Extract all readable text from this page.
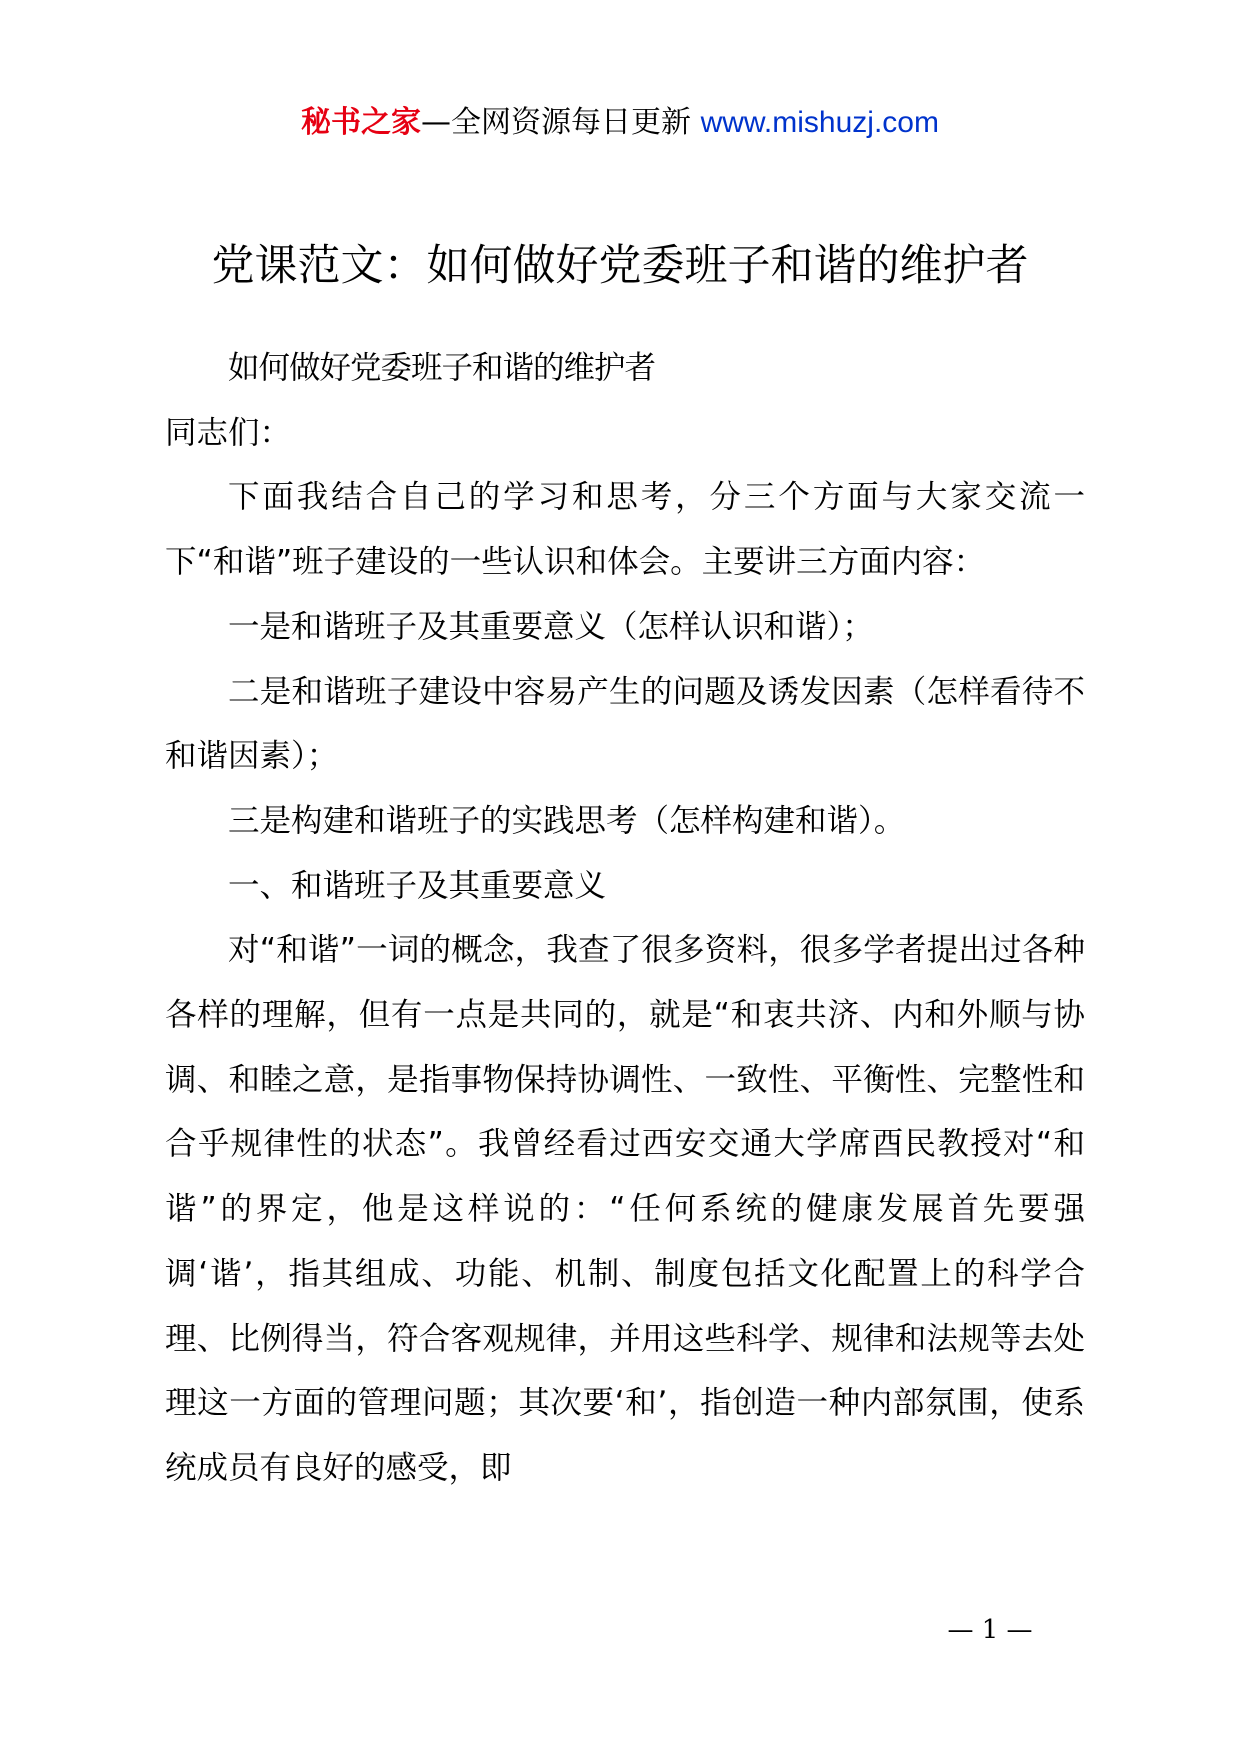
秘书之家—全网资源每日更新 www.mishuzj.com
党课范文：如何做好党委班子和谐的维护者

如何做好党委班子和谐的维护者

同志们：

下面我结合自己的学习和思考，分三个方面与大家交流一下“和谐”班子建设的一些认识和体会。主要讲三方面内容：

一是和谐班子及其重要意义（怎样认识和谐）；

二是和谐班子建设中容易产生的问题及诱发因素（怎样看待不和谐因素）；

三是构建和谐班子的实践思考（怎样构建和谐）。

一、和谐班子及其重要意义

对“和谐”一词的概念，我查了很多资料，很多学者提出过各种各样的理解，但有一点是共同的，就是“和衷共济、内和外顺与协调、和睦之意，是指事物保持协调性、一致性、平衡性、完整性和合乎规律性的状态”。我曾经看过西安交通大学席酉民教授对“和谐”的界定，他是这样说的：“任何系统的健康发展首先要强调‘谐’，指其组成、功能、机制、制度包括文化配置上的科学合理、比例得当，符合客观规律，并用这些科学、规律和法规等去处理这一方面的管理问题；其次要‘和’，指创造一种内部氛围，使系统成员有良好的感受，即

— 1 —
